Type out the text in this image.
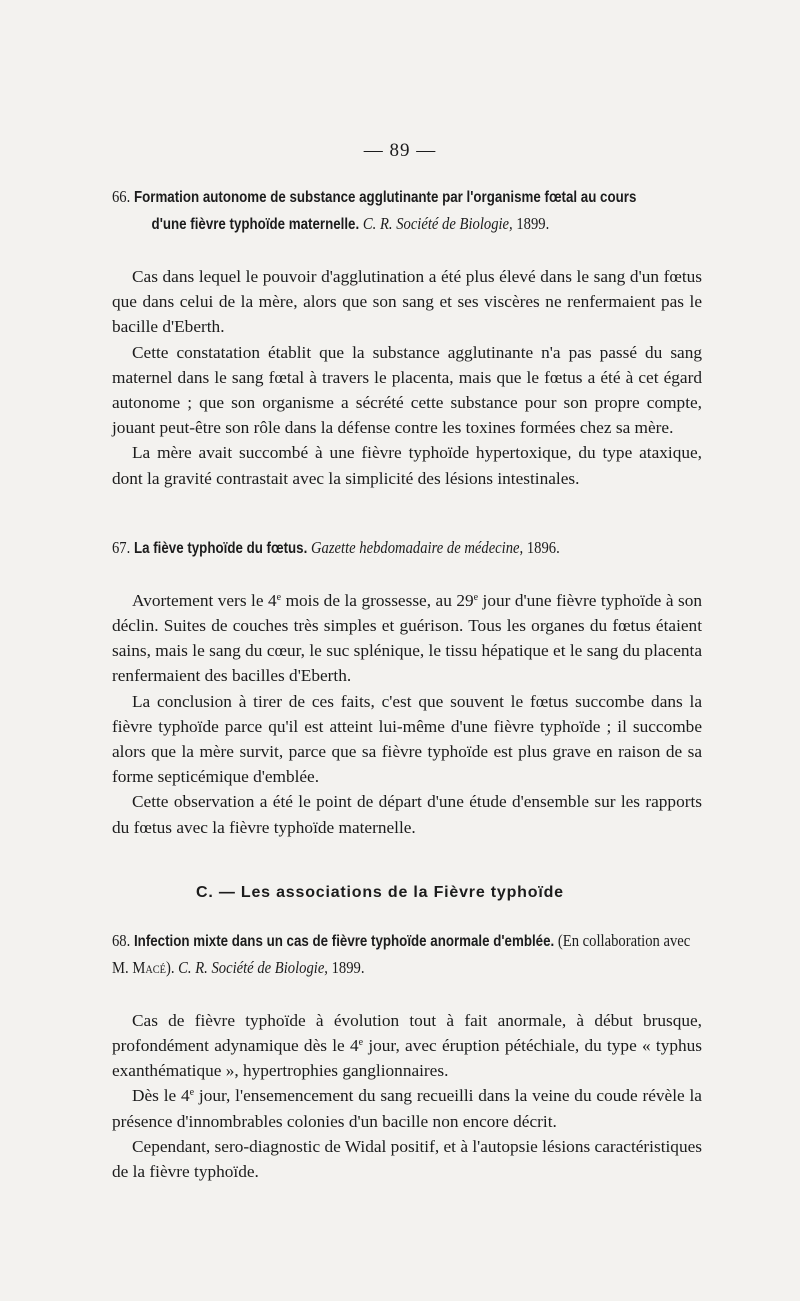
— 89 —

66. Formation autonome de substance agglutinante par l'organisme fœtal au cours
d'une fièvre typhoïde maternelle. C. R. Société de Biologie, 1899.

Cas dans lequel le pouvoir d'agglutination a été plus élevé dans le sang d'un fœtus que dans celui de la mère, alors que son sang et ses viscères ne renfermaient pas le bacille d'Eberth.

Cette constatation établit que la substance agglutinante n'a pas passé du sang maternel dans le sang fœtal à travers le placenta, mais que le fœtus a été à cet égard autonome ; que son organisme a sécrété cette substance pour son propre compte, jouant peut-être son rôle dans la défense contre les toxines formées chez sa mère.

La mère avait succombé à une fièvre typhoïde hypertoxique, du type ataxique, dont la gravité contrastait avec la simplicité des lésions intestinales.

67. La fiève typhoïde du fœtus. Gazette hebdomadaire de médecine, 1896.

Avortement vers le 4e mois de la grossesse, au 29e jour d'une fièvre typhoïde à son déclin. Suites de couches très simples et guérison. Tous les organes du fœtus étaient sains, mais le sang du cœur, le suc splénique, le tissu hépatique et le sang du placenta renfermaient des bacilles d'Eberth.

La conclusion à tirer de ces faits, c'est que souvent le fœtus succombe dans la fièvre typhoïde parce qu'il est atteint lui-même d'une fièvre typhoïde ; il succombe alors que la mère survit, parce que sa fièvre typhoïde est plus grave en raison de sa forme septicémique d'emblée.

Cette observation a été le point de départ d'une étude d'ensemble sur les rapports du fœtus avec la fièvre typhoïde maternelle.

C. — Les associations de la Fièvre typhoïde

68. Infection mixte dans un cas de fièvre typhoïde anormale d'emblée. (En collaboration avec M. Macé). C. R. Société de Biologie, 1899.

Cas de fièvre typhoïde à évolution tout à fait anormale, à début brusque, profondément adynamique dès le 4e jour, avec éruption pétéchiale, du type « typhus exanthématique », hypertrophies ganglionnaires.

Dès le 4e jour, l'ensemencement du sang recueilli dans la veine du coude révèle la présence d'innombrables colonies d'un bacille non encore décrit.

Cependant, sero-diagnostic de Widal positif, et à l'autopsie lésions caractéristiques de la fièvre typhoïde.
